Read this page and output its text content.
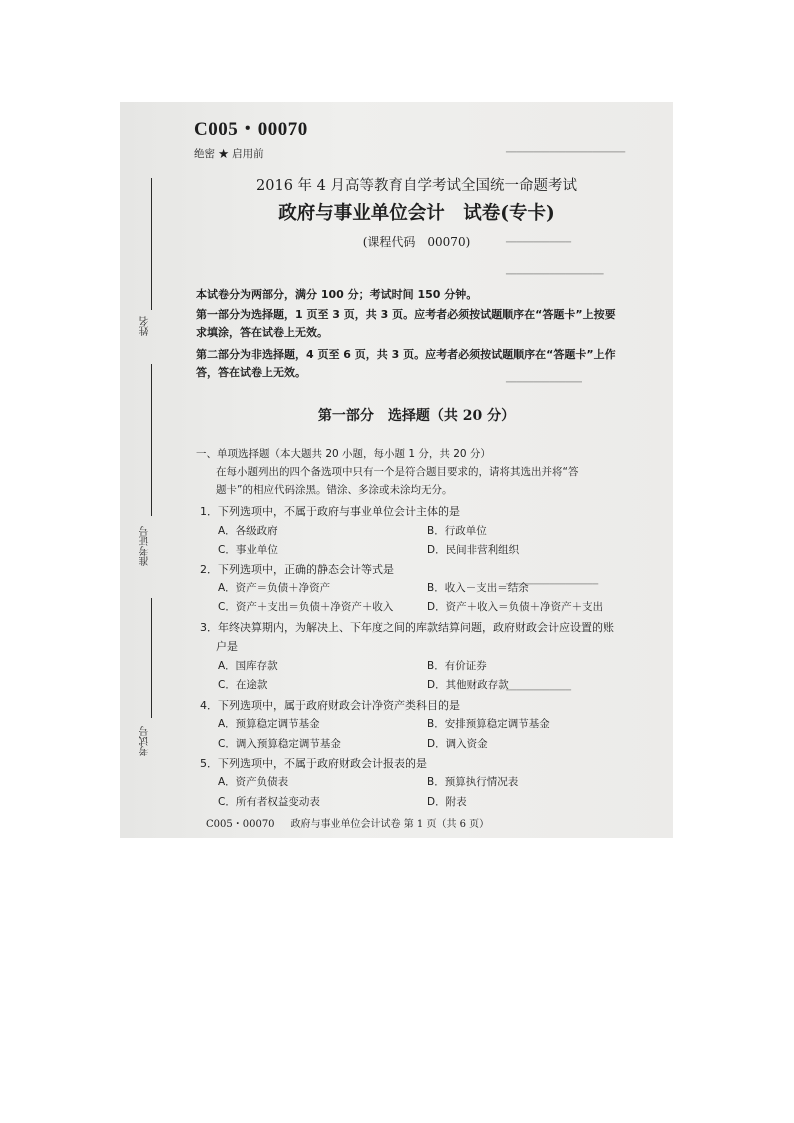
━━━━━━━━━━━━━━━━━━━━━━
━━━━━━━━━━━━
━━━━━━━━━━━━━━━━━━
━━━━━━━━━━━━━━
━━━━━━━━━━━━━━━━━
━━━━━━━━━━━━
姓名
准考证号
考试号
C005・00070
绝密 ★ 启用前
2016 年 4 月高等教育自学考试全国统一命题考试
政府与事业单位会计　试卷(专卡)
(课程代码　00070)
本试卷分为两部分，满分 100 分；考试时间 150 分钟。
第一部分为选择题，1 页至 3 页，共 3 页。应考者必须按试题顺序在“答题卡”上按要
求填涂，答在试卷上无效。
第二部分为非选择题，4 页至 6 页，共 3 页。应考者必须按试题顺序在“答题卡”上作
答，答在试卷上无效。
第一部分　选择题（共 20 分）
一、单项选择题（本大题共 20 小题，每小题 1 分，共 20 分）
在每小题列出的四个备选项中只有一个是符合题目要求的，请将其选出并将“答
题卡”的相应代码涂黑。错涂、多涂或未涂均无分。
1．下列选项中，不属于政府与事业单位会计主体的是
A．各级政府	B．行政单位
C．事业单位	D．民间非营利组织
2．下列选项中，正确的静态会计等式是
A．资产＝负债＋净资产	B．收入－支出＝结余
C．资产＋支出＝负债＋净资产＋收入	D．资产＋收入＝负债＋净资产＋支出
3．年终决算期内，为解决上、下年度之间的库款结算问题，政府财政会计应设置的账
户是
A．国库存款	B．有价证券
C．在途款	D．其他财政存款
4．下列选项中，属于政府财政会计净资产类科目的是
A．预算稳定调节基金	B．安排预算稳定调节基金
C．调入预算稳定调节基金	D．调入资金
5．下列选项中，不属于政府财政会计报表的是
A．资产负债表	B．预算执行情况表
C．所有者权益变动表	D．附表
C005・00070 政府与事业单位会计试卷 第 1 页（共 6 页）
